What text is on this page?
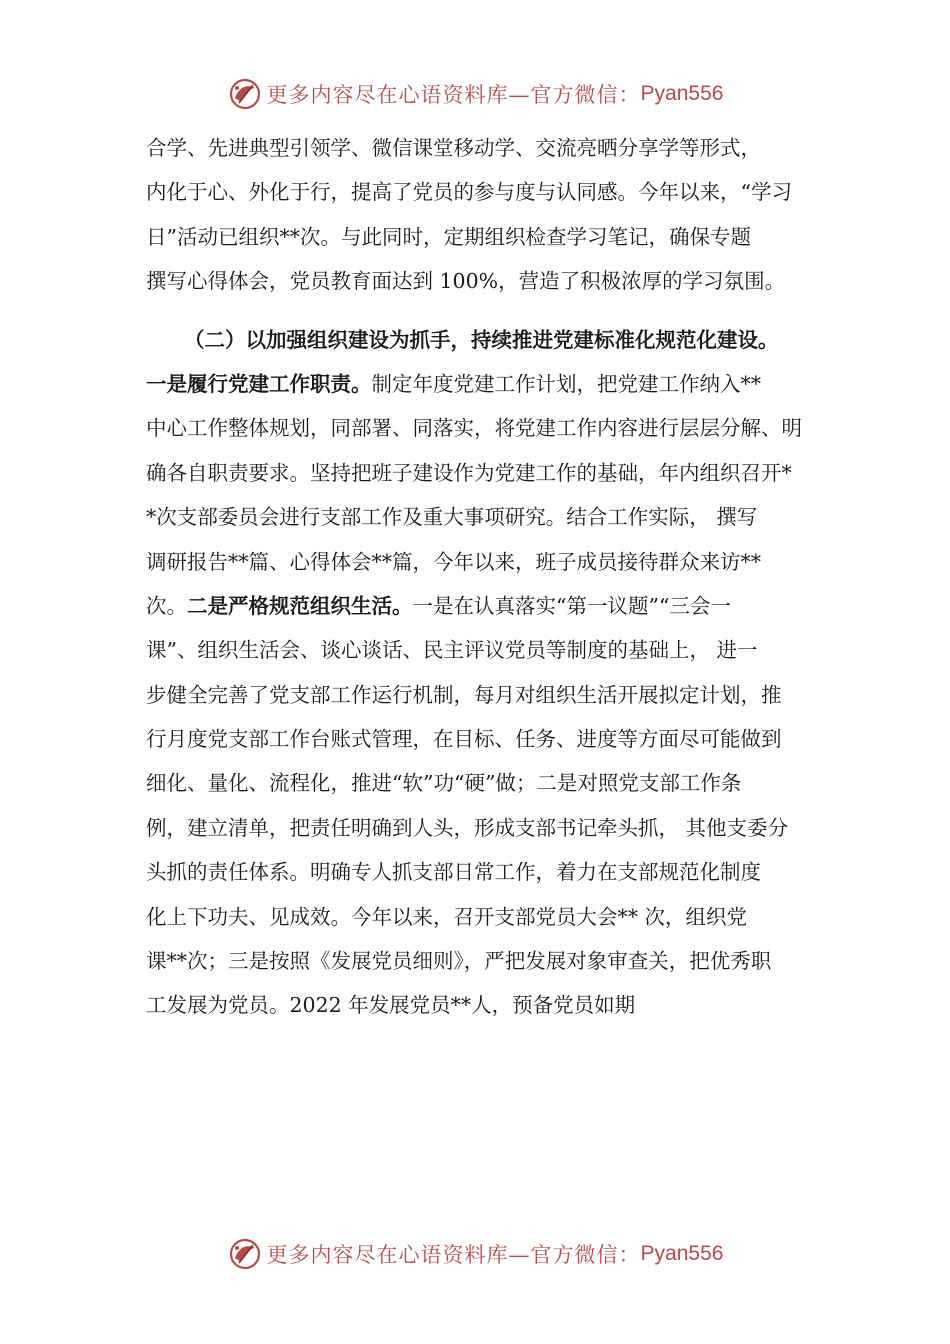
更多内容尽在心语资料库—官方微信： Pyan556
合学、先进典型引领学、微信课堂移动学、交流亮晒分享学等形式，
内化于心、外化于行，提高了党员的参与度与认同感。今年以来，“学习
日”活动已组织**次。与此同时，定期组织检查学习笔记，确保专题
撰写心得体会，党员教育面达到 100%，营造了积极浓厚的学习氛围。
（二）以加强组织建设为抓手，持续推进党建标准化规范化建设。
一是履行党建工作职责。制定年度党建工作计划，把党建工作纳入**
中心工作整体规划，同部署、同落实，将党建工作内容进行层层分解、明
确各自职责要求。坚持把班子建设作为党建工作的基础，年内组织召开*
*次支部委员会进行支部工作及重大事项研究。结合工作实际， 撰写
调研报告**篇、心得体会**篇，今年以来，班子成员接待群众来访**
次。二是严格规范组织生活。一是在认真落实“第一议题”“三会一
课”、组织生活会、谈心谈话、民主评议党员等制度的基础上， 进一
步健全完善了党支部工作运行机制，每月对组织生活开展拟定计划，推
行月度党支部工作台账式管理，在目标、任务、进度等方面尽可能做到
细化、量化、流程化，推进“软”功“硬”做；二是对照党支部工作条
例，建立清单，把责任明确到人头，形成支部书记牵头抓， 其他支委分
头抓的责任体系。明确专人抓支部日常工作，着力在支部规范化制度
化上下功夫、见成效。今年以来，召开支部党员大会** 次，组织党
课**次；三是按照《发展党员细则》，严把发展对象审查关，把优秀职
工发展为党员。2022 年发展党员**人，预备党员如期
更多内容尽在心语资料库—官方微信： Pyan556
